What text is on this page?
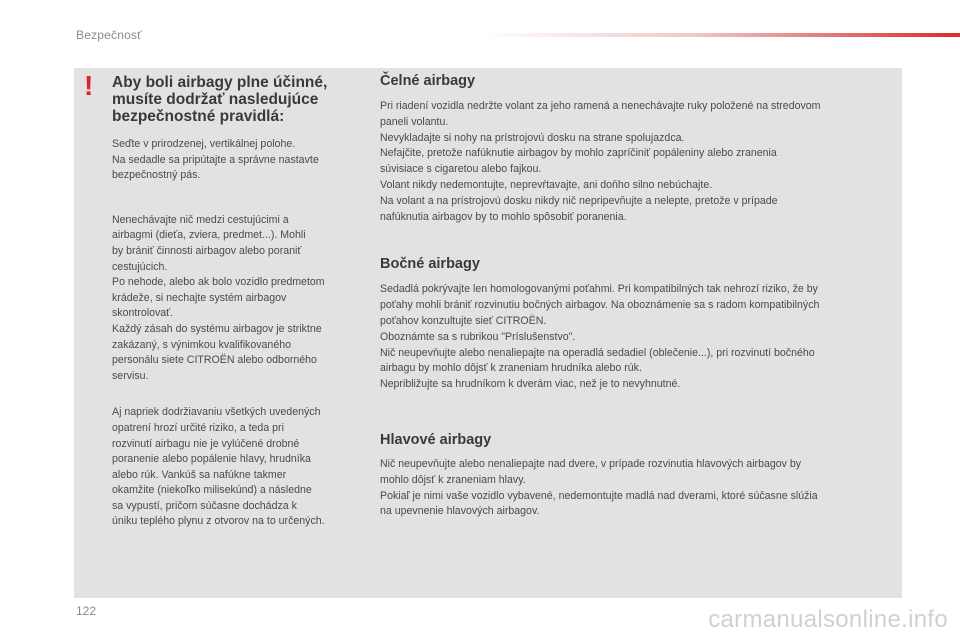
Bezpečnosť
! Aby boli airbagy plne účinné,
musíte dodržať nasledujúce
bezpečnostné pravidlá:

Seďte v prirodzenej, vertikálnej polohe.
Na sedadle sa pripútajte a správne nastavte
bezpečnostný pás.

Nenechávajte nič medzi cestujúcimi a
airbagmi (dieťa, zviera, predmet...). Mohli
by brániť činnosti airbagov alebo poraniť
cestujúcich.
Po nehode, alebo ak bolo vozidlo predmetom
krádeže, si nechajte systém airbagov
skontrolovať.
Každý zásah do systému airbagov je striktne
zakázaný, s výnimkou kvalifikovaného
personálu siete CITROËN alebo odborného
servisu.

Aj napriek dodržiavaniu všetkých uvedených
opatrení hrozí určité riziko, a teda pri
rozvinutí airbagu nie je vylúčené drobné
poranenie alebo popálenie hlavy, hrudníka
alebo rúk. Vankúš sa nafúkne takmer
okamžite (niekoľko milisekúnd) a následne
sa vypustí, pričom súčasne dochádza k
úniku teplého plynu z otvorov na to určených.

Čelné airbagy

Pri riadení vozidla nedržte volant za jeho ramená a nenechávajte ruky položené na stredovom
paneli volantu.
Nevykladajte si nohy na prístrojovú dosku na strane spolujazdca.
Nefajčite, pretože nafúknutie airbagov by mohlo zapríčiniť popáleniny alebo zranenia
súvisiace s cigaretou alebo fajkou.
Volant nikdy nedemontujte, neprevŕtavajte, ani doňho silno nebúchajte.
Na volant a na prístrojovú dosku nikdy nič nepripevňujte a nelepte, pretože v prípade
nafúknutia airbagov by to mohlo spôsobiť poranenia.

Bočné airbagy

Sedadlá pokrývajte len homologovanými poťahmi. Pri kompatibilných tak nehrozí riziko, že by
poťahy mohli brániť rozvinutiu bočných airbagov. Na oboznámenie sa s radom kompatibilných
poťahov konzultujte sieť CITROËN.
Oboznámte sa s rubrikou "Príslušenstvo".
Nič neupevňujte alebo nenaliepajte na operadlá sedadiel (oblečenie...), pri rozvinutí bočného
airbagu by mohlo dôjsť k zraneniam hrudníka alebo rúk.
Nepribližujte sa hrudníkom k dverám viac, než je to nevyhnutné.

Hlavové airbagy

Nič neupevňujte alebo nenaliepajte nad dvere, v prípade rozvinutia hlavových airbagov by
mohlo dôjsť k zraneniam hlavy.
Pokiaľ je nimi vaše vozidlo vybavené, nedemontujte madlá nad dverami, ktoré súčasne slúžia
na upevnenie hlavových airbagov.

122	carmanualsonline.info
